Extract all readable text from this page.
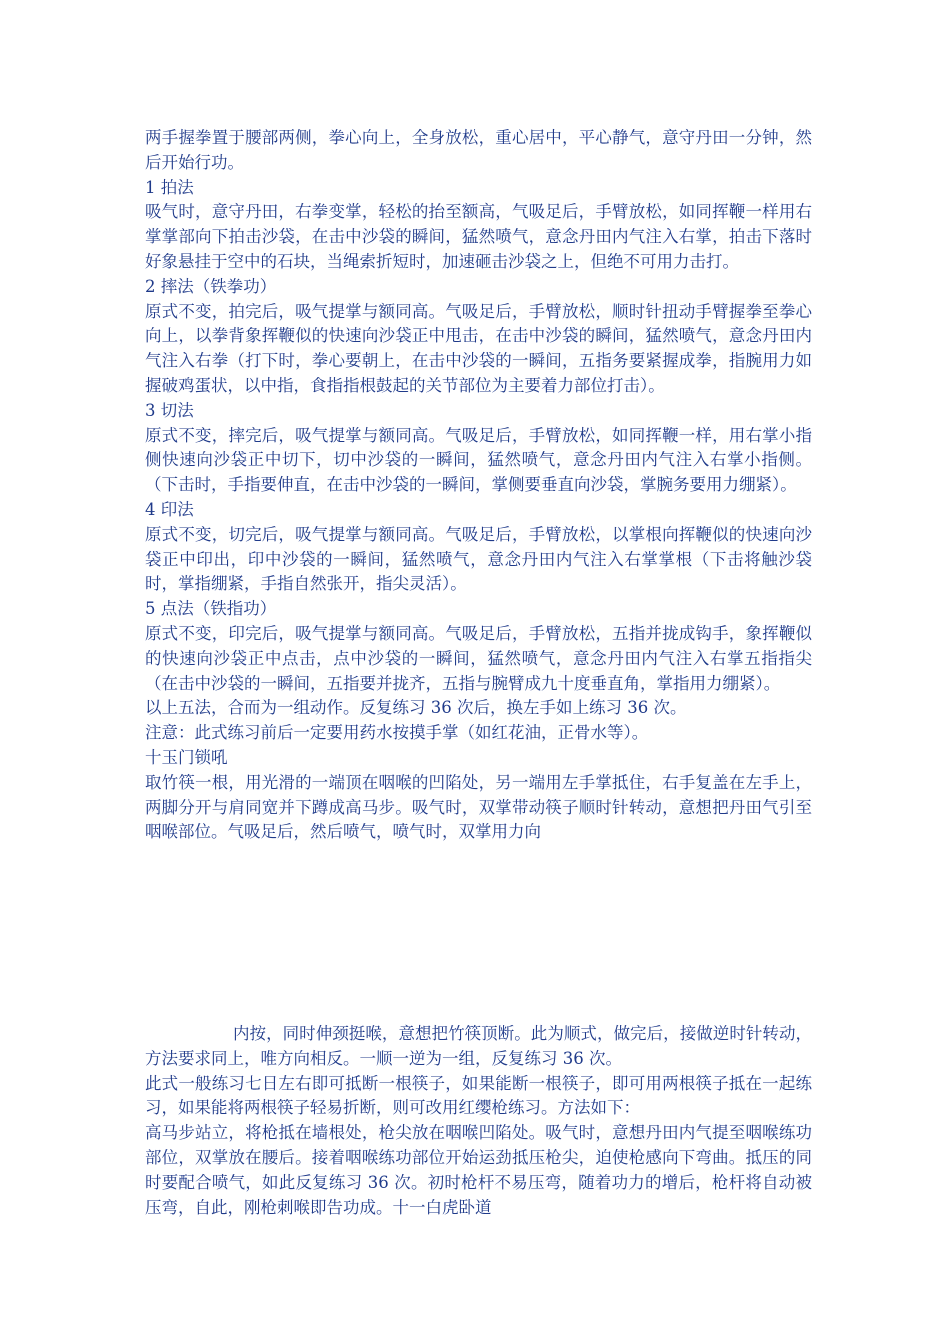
两手握拳置于腰部两侧，拳心向上，全身放松，重心居中，平心静气，意守丹田一分钟，然后开始行功。

1 拍法

吸气时，意守丹田，右拳变掌，轻松的抬至额高，气吸足后，手臂放松，如同挥鞭一样用右掌掌部向下拍击沙袋，在击中沙袋的瞬间，猛然喷气，意念丹田内气注入右掌，拍击下落时好象悬挂于空中的石块，当绳索折短时，加速砸击沙袋之上，但绝不可用力击打。

2 摔法（铁拳功）

原式不变，拍完后，吸气提掌与额同高。气吸足后，手臂放松，顺时针扭动手臂握拳至拳心向上，以拳背象挥鞭似的快速向沙袋正中甩击，在击中沙袋的瞬间，猛然喷气，意念丹田内气注入右拳（打下时，拳心要朝上，在击中沙袋的一瞬间，五指务要紧握成拳，指腕用力如握破鸡蛋状，以中指，食指指根鼓起的关节部位为主要着力部位打击）。

3 切法

原式不变，摔完后，吸气提掌与额同高。气吸足后，手臂放松，如同挥鞭一样，用右掌小指侧快速向沙袋正中切下，切中沙袋的一瞬间，猛然喷气，意念丹田内气注入右掌小指侧。（下击时，手指要伸直，在击中沙袋的一瞬间，掌侧要垂直向沙袋，掌腕务要用力绷紧）。

4 印法

原式不变，切完后，吸气提掌与额同高。气吸足后，手臂放松，以掌根向挥鞭似的快速向沙袋正中印出，印中沙袋的一瞬间，猛然喷气，意念丹田内气注入右掌掌根（下击将触沙袋时，掌指绷紧，手指自然张开，指尖灵活）。

5 点法（铁指功）

原式不变，印完后，吸气提掌与额同高。气吸足后，手臂放松，五指并拢成钩手，象挥鞭似的快速向沙袋正中点击，点中沙袋的一瞬间，猛然喷气，意念丹田内气注入右掌五指指尖（在击中沙袋的一瞬间，五指要并拢齐，五指与腕臂成九十度垂直角，掌指用力绷紧）。

以上五法，合而为一组动作。反复练习 36 次后，换左手如上练习 36 次。

注意：此式练习前后一定要用药水按摸手掌（如红花油，正骨水等）。

十玉门锁吼

取竹筷一根，用光滑的一端顶在咽喉的凹陷处，另一端用左手掌抵住，右手复盖在左手上，两脚分开与肩同宽并下蹲成高马步。吸气时，双掌带动筷子顺时针转动，意想把丹田气引至咽喉部位。气吸足后，然后喷气，喷气时，双掌用力向

内按，同时伸颈挺喉，意想把竹筷顶断。此为顺式，做完后，接做逆时针转动，方法要求同上，唯方向相反。一顺一逆为一组，反复练习 36 次。

此式一般练习七日左右即可抵断一根筷子，如果能断一根筷子，即可用两根筷子抵在一起练习，如果能将两根筷子轻易折断，则可改用红缨枪练习。方法如下：

高马步站立，将枪抵在墙根处，枪尖放在咽喉凹陷处。吸气时，意想丹田内气提至咽喉练功部位，双掌放在腰后。接着咽喉练功部位开始运劲抵压枪尖，迫使枪感向下弯曲。抵压的同时要配合喷气，如此反复练习 36 次。初时枪杆不易压弯，随着功力的增后，枪杆将自动被压弯，自此，刚枪刺喉即告功成。十一白虎卧道
